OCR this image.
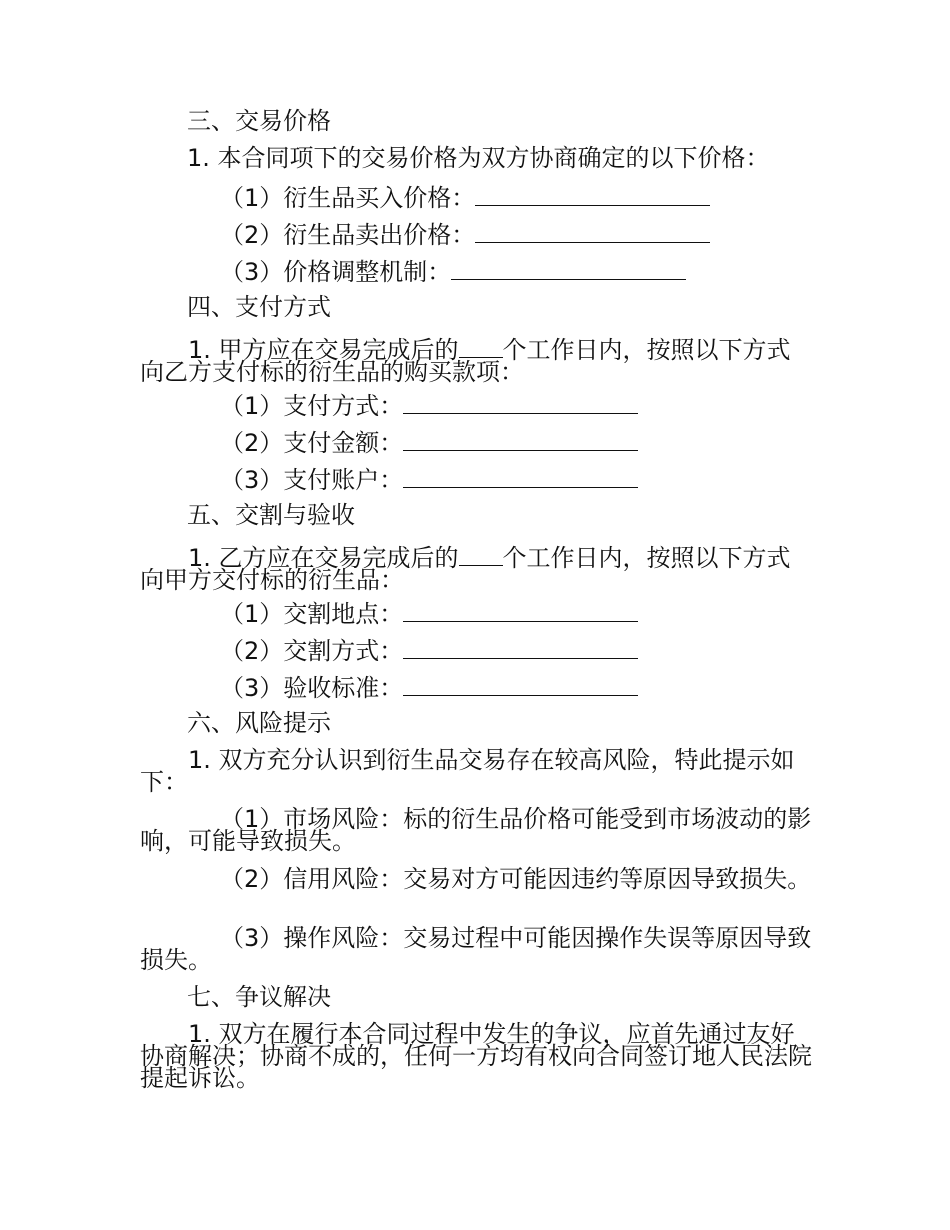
三、交易价格
1. 本合同项下的交易价格为双方协商确定的以下价格：
（1）衍生品买入价格：
（2）衍生品卖出价格：
（3）价格调整机制：
四、支付方式
1. 甲方应在交易完成后的 个工作日内，按照以下方式向乙方支付标的衍生品的购买款项：
（1）支付方式：
（2）支付金额：
（3）支付账户：
五、交割与验收
1. 乙方应在交易完成后的 个工作日内，按照以下方式向甲方交付标的衍生品：
（1）交割地点：
（2）交割方式：
（3）验收标准：
六、风险提示
1. 双方充分认识到衍生品交易存在较高风险，特此提示如下：
（1）市场风险：标的衍生品价格可能受到市场波动的影响，可能导致损失。
（2）信用风险：交易对方可能因违约等原因导致损失。
（3）操作风险：交易过程中可能因操作失误等原因导致损失。
七、争议解决
1. 双方在履行本合同过程中发生的争议，应首先通过友好协商解决；协商不成的，任何一方均有权向合同签订地人民法院提起诉讼。
